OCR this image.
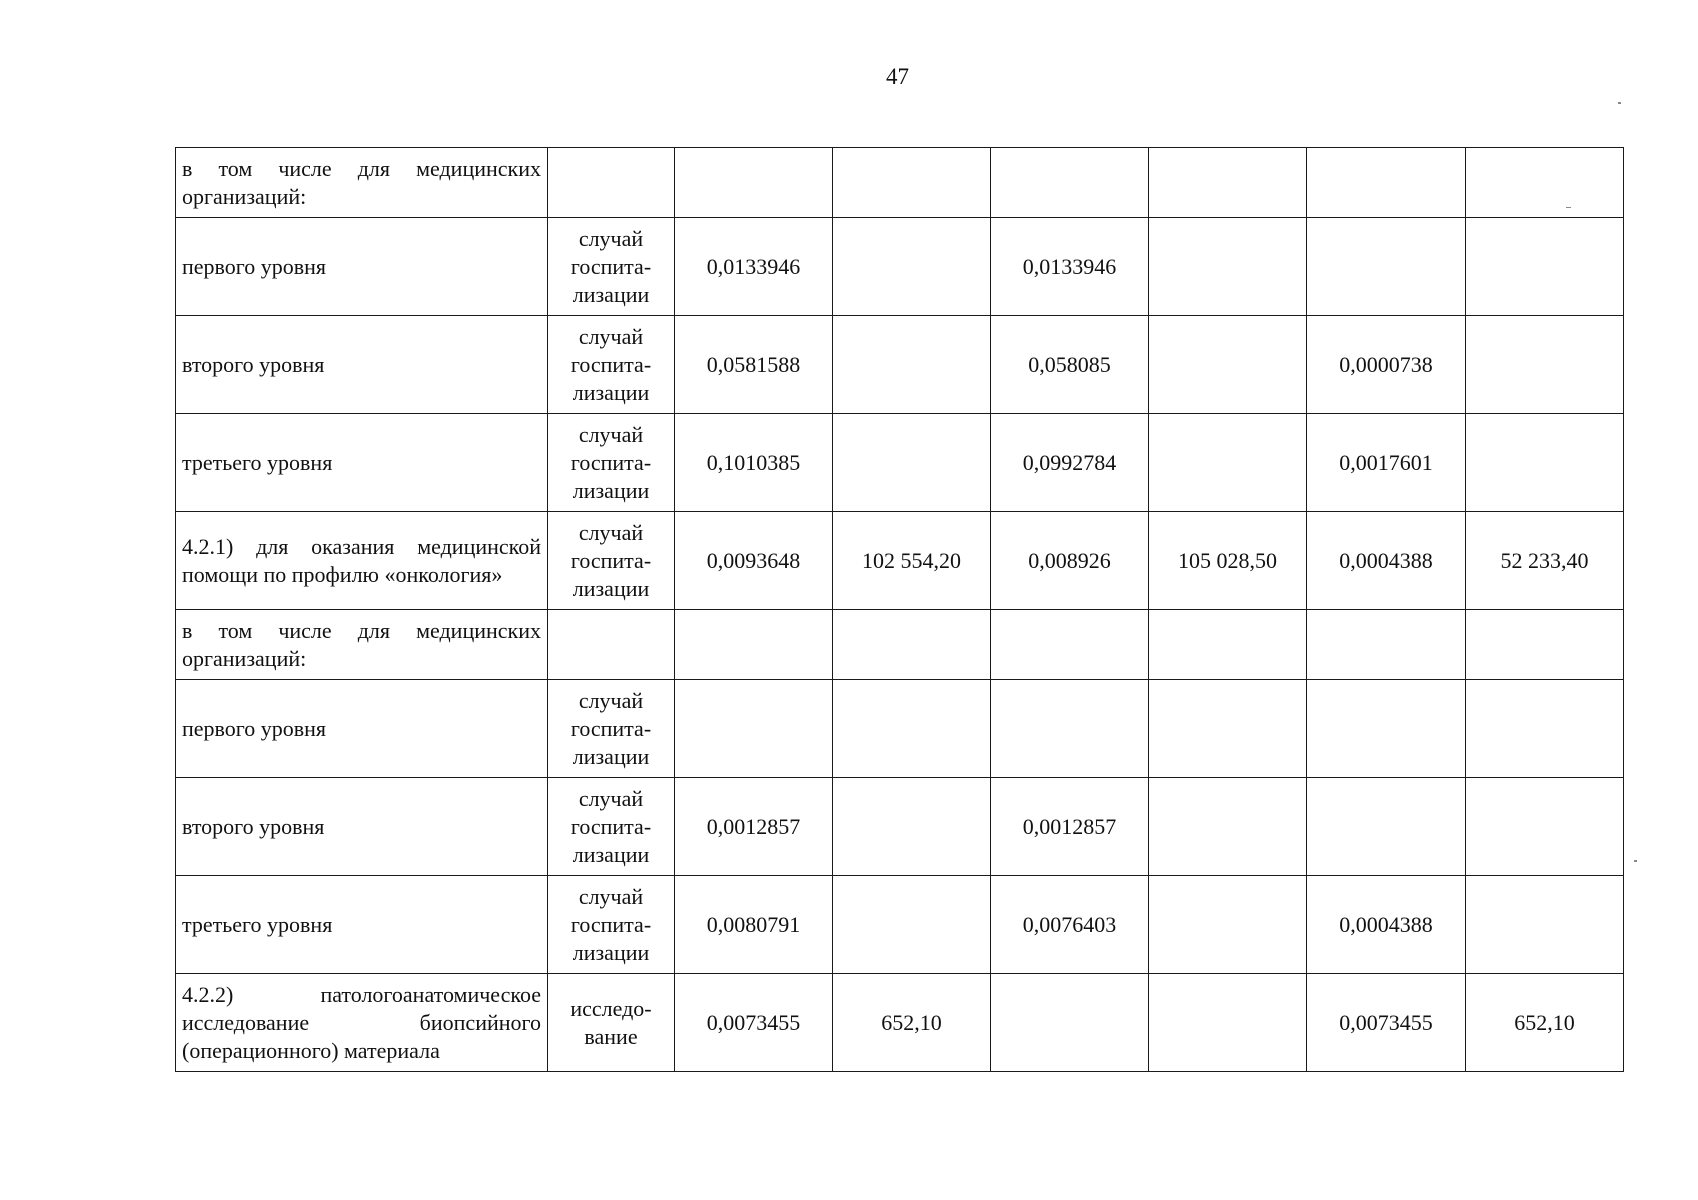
47
в том числе для медицинских организаций:							
первого уровня	случай
госпита-
лизации	0,0133946		0,0133946			
второго уровня	случай
госпита-
лизации	0,0581588		0,058085		0,0000738	
третьего уровня	случай
госпита-
лизации	0,1010385		0,0992784		0,0017601	
4.2.1) для оказания медицинской помощи по профилю «онкология»	случай
госпита-
лизации	0,0093648	102 554,20	0,008926	105 028,50	0,0004388	52 233,40
в том числе для медицинских организаций:							
первого уровня	случай
госпита-
лизации						

второго уровня	случай
госпита-
лизации	0,0012857		0,0012857			
третьего уровня	случай
госпита-
лизации	0,0080791		0,0076403		0,0004388	
4.2.2) патологоанатомическое исследование биопсийного (операционного) материала	исследо-
вание	0,0073455	652,10			0,0073455	652,10
